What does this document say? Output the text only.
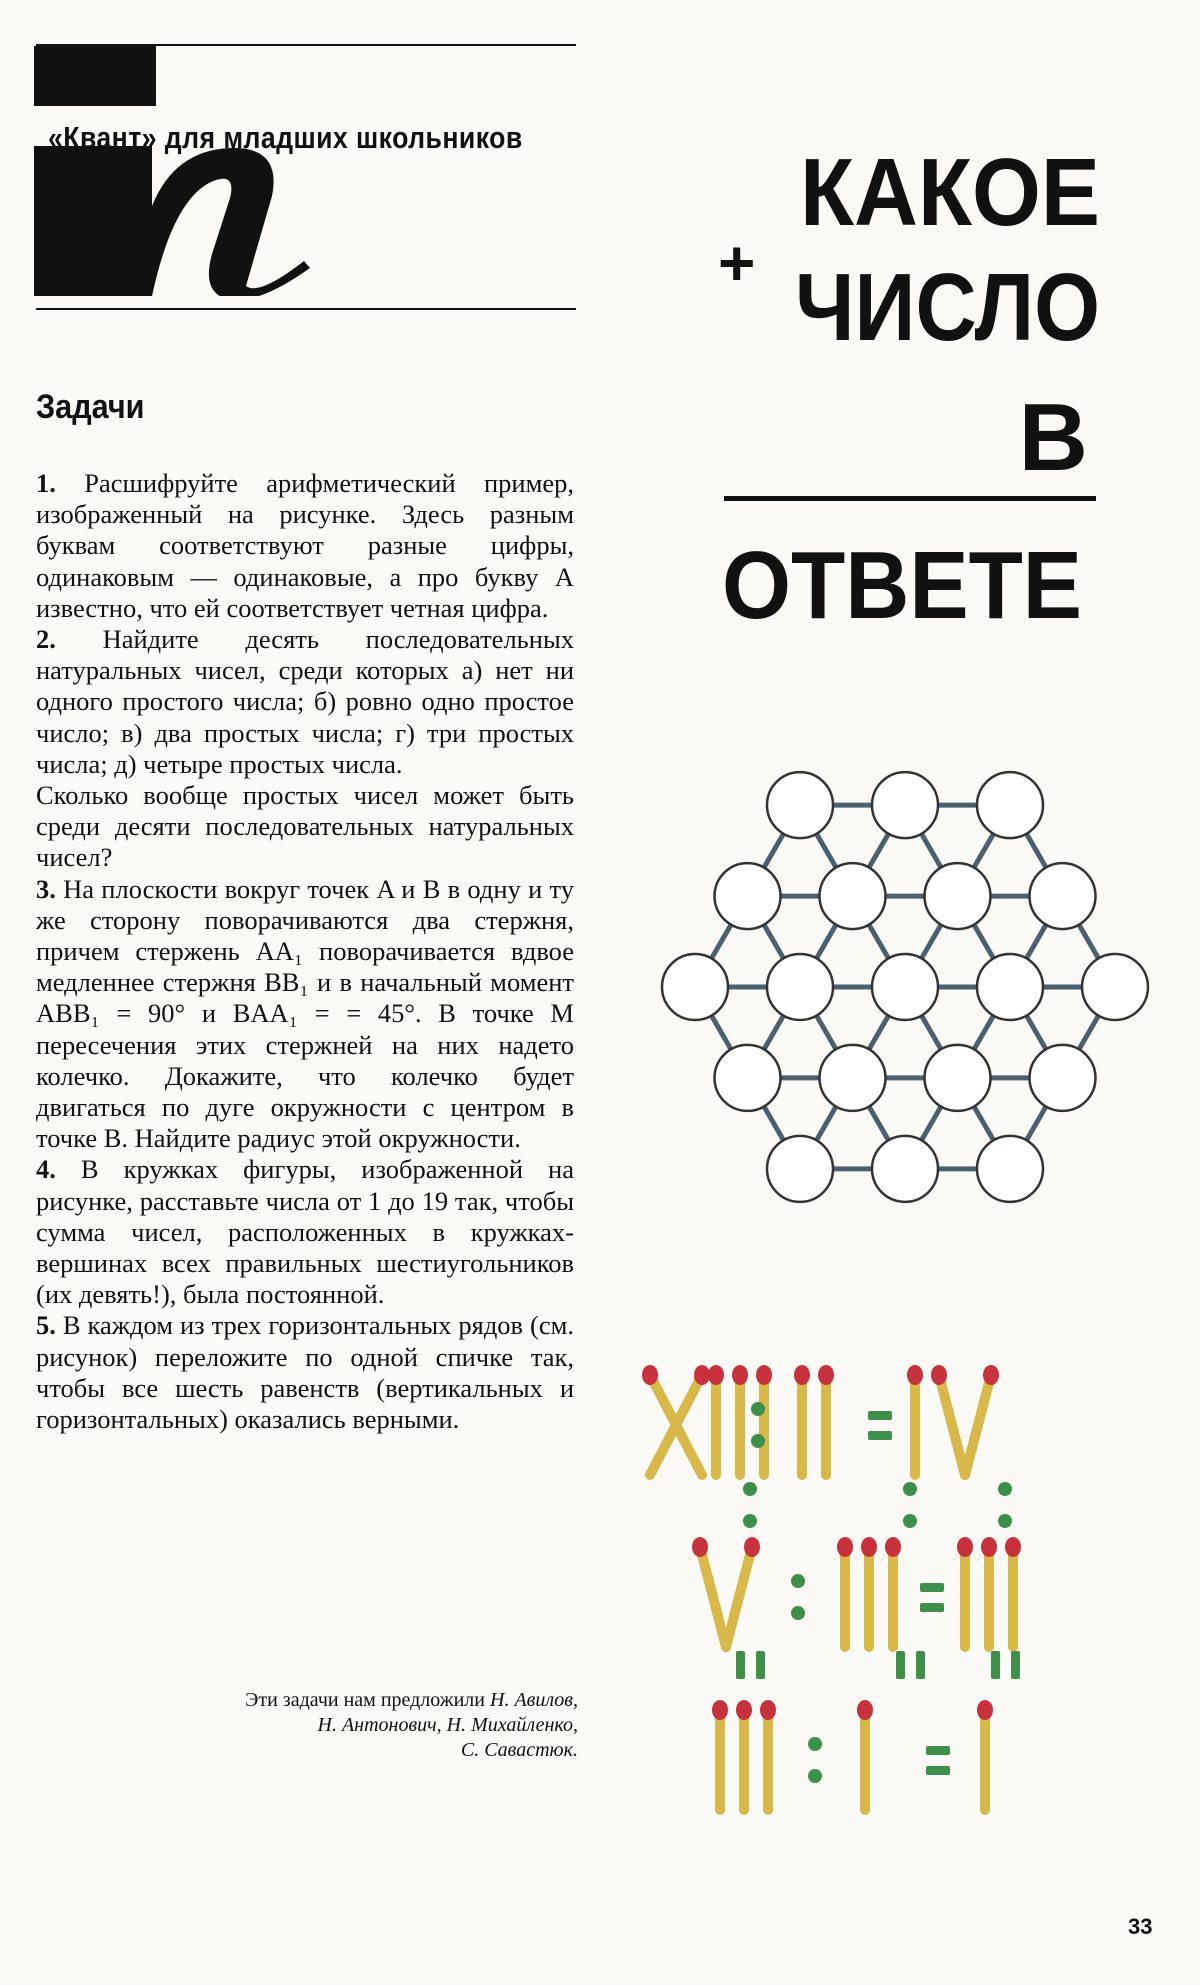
«Квант» для младших школьников
Задачи

1. Расшифруйте арифметический пример, изображенный на рисунке. Здесь разным буквам соответствуют разные цифры, одинаковым — одинаковые, а про букву A известно, что ей соответствует четная цифра.

2. Найдите десять последовательных натуральных чисел, среди которых а) нет ни одного простого числа; б) ровно одно простое число; в) два простых числа; г) три простых числа; д) четыре простых числа.

Сколько вообще простых чисел может быть среди десяти последовательных натуральных чисел?

3. На плоскости вокруг точек A и B в одну и ту же сторону поворачиваются два стержня, причем стержень AA₁ поворачивается вдвое медленнее стержня BB₁ и в начальный момент ABB₁ = 90° и BAA₁ = = 45°. В точке M пересечения этих стержней на них надето колечко. Докажите, что колечко будет двигаться по дуге окружности с центром в точке B. Найдите радиус этой окружности.

4. В кружках фигуры, изображенной на рисунке, расставьте числа от 1 до 19 так, чтобы сумма чисел, расположенных в кружках-вершинах всех правильных шестиугольников (их девять!), была постоянной.

5. В каждом из трех горизонтальных рядов (см. рисунок) переложите по одной спичке так, чтобы все шесть равенств (вертикальных и горизонтальных) оказались верными.

Эти задачи нам предложили Н. Авилов,
Н. Антонович, Н. Михайленко,
С. Савастюк.
+
КАКОЕ
ЧИСЛО
В
ОТВЕТЕ
33
